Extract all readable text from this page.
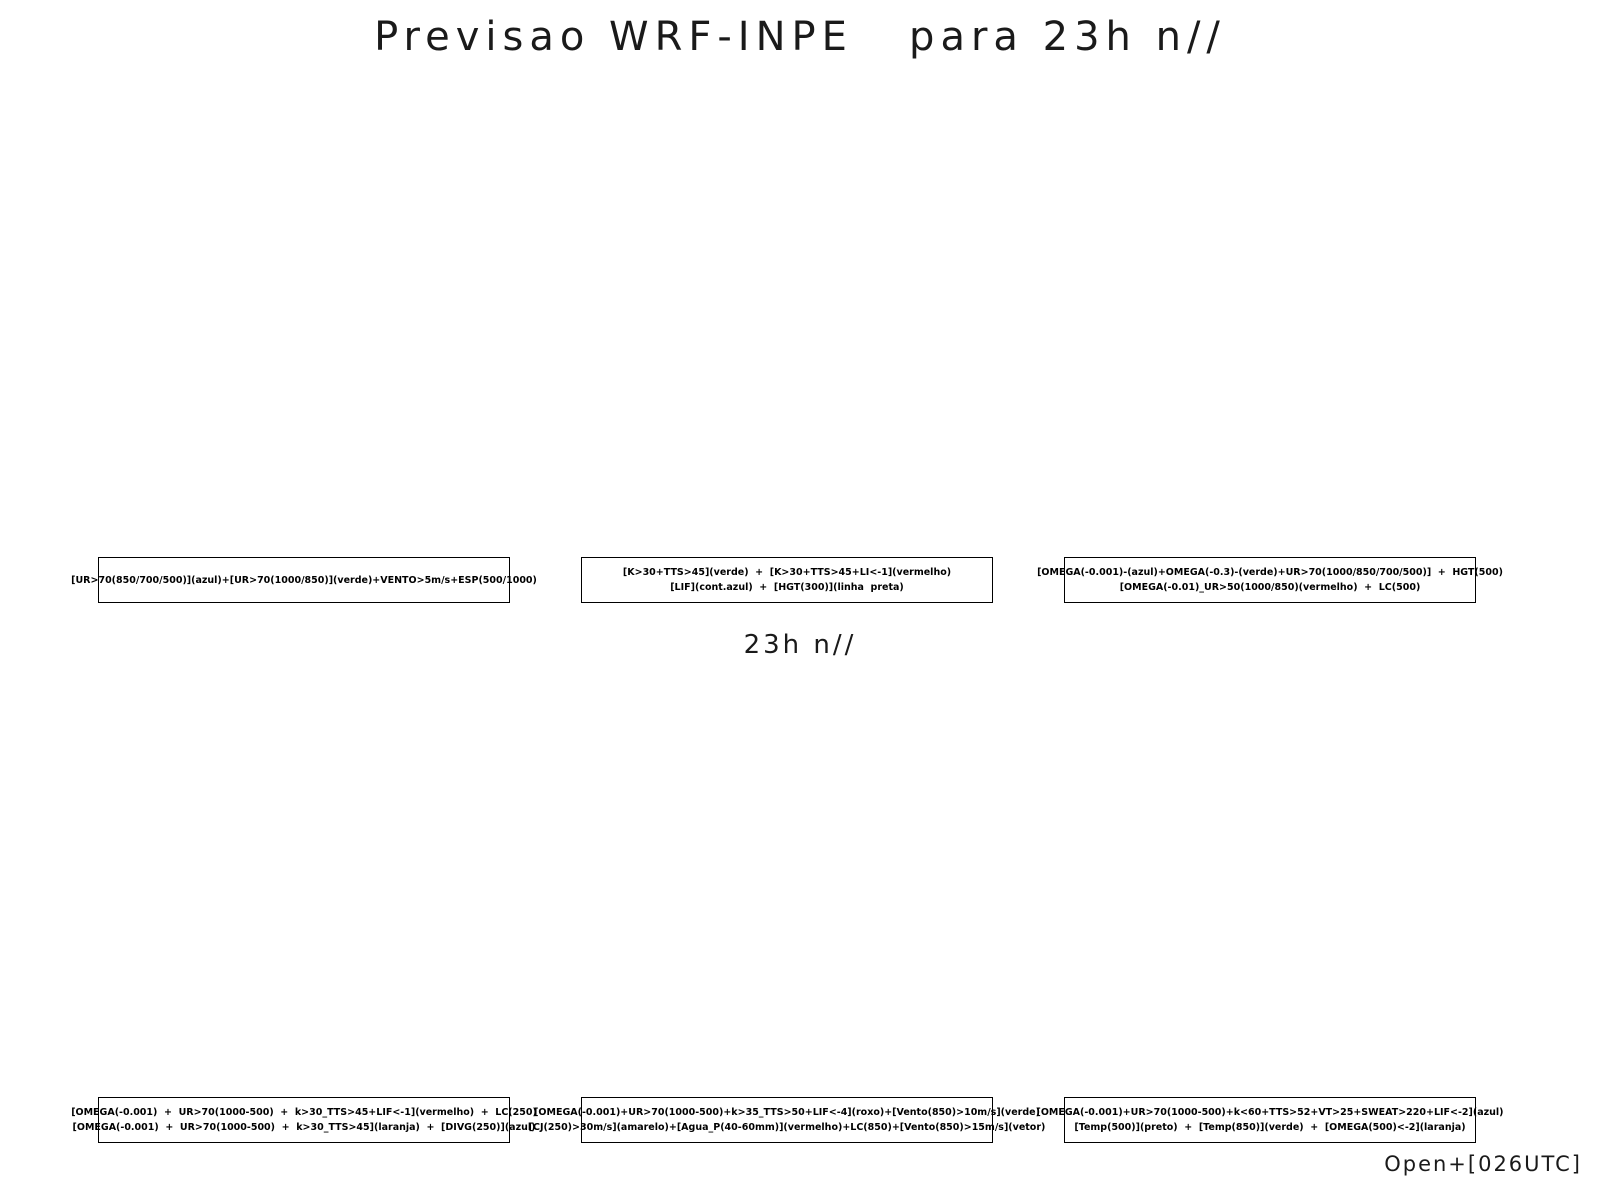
Previsao WRF-INPE   para 23h n//
[UR>70(850/700/500)](azul)+[UR>70(1000/850)](verde)+VENTO>5m/s+ESP(500/1000)
[K>30+TTS>45](verde)  +  [K>30+TTS>45+LI<-1](vermelho)
[LIF](cont.azul)  +  [HGT(300)](linha  preta)
[OMEGA(-0.001)-(azul)+OMEGA(-0.3)-(verde)+UR>70(1000/850/700/500)]  +  HGT(500)
[OMEGA(-0.01)_UR>50(1000/850)(vermelho)  +  LC(500)
23h n//
[OMEGA(-0.001)  +  UR>70(1000-500)  +  k>30_TTS>45+LIF<-1](vermelho)  +  LC(250)
[OMEGA(-0.001)  +  UR>70(1000-500)  +  k>30_TTS>45](laranja)  +  [DIVG(250)](azul)
[OMEGA(-0.001)+UR>70(1000-500)+k>35_TTS>50+LIF<-4](roxo)+[Vento(850)>10m/s](verde)
[CJ(250)>30m/s](amarelo)+[Agua_P(40-60mm)](vermelho)+LC(850)+[Vento(850)>15m/s](vetor)
[OMEGA(-0.001)+UR>70(1000-500)+k<60+TTS>52+VT>25+SWEAT>220+LIF<-2](azul)
[Temp(500)](preto)  +  [Temp(850)](verde)  +  [OMEGA(500)<-2](laranja)
Open+[026UTC]
